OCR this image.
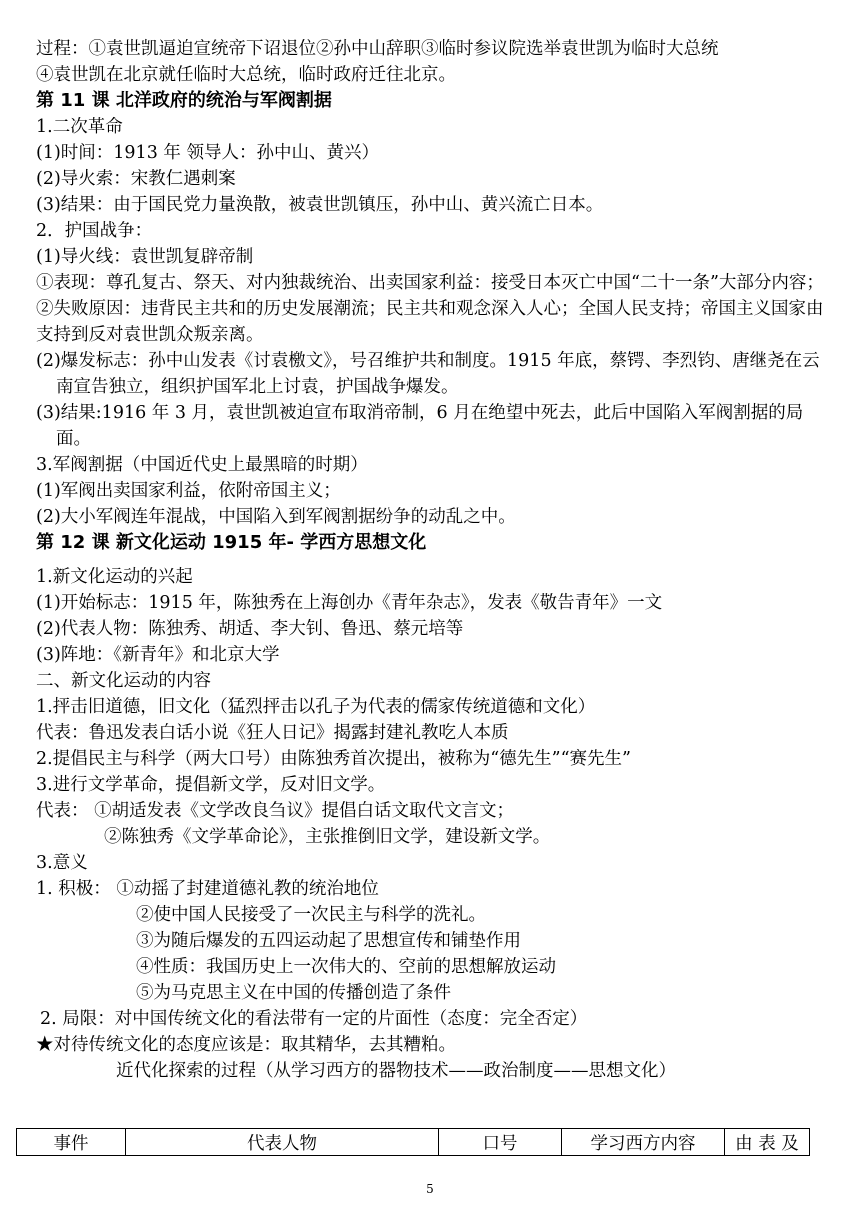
过程：①袁世凯逼迫宣统帝下诏退位②孙中山辞职③临时参议院选举袁世凯为临时大总统
④袁世凯在北京就任临时大总统，临时政府迁往北京。
第 11 课 北洋政府的统治与军阀割据
1.二次革命
(1)时间：1913 年 领导人：孙中山、黄兴）
(2)导火索：宋教仁遇刺案
(3)结果：由于国民党力量涣散，被袁世凯镇压，孙中山、黄兴流亡日本。
2．护国战争：
(1)导火线：袁世凯复辟帝制
①表现：尊孔复古、祭天、对内独裁统治、出卖国家利益：接受日本灭亡中国“二十一条”大部分内容；
②失败原因：违背民主共和的历史发展潮流；民主共和观念深入人心；全国人民支持；帝国主义国家由支持到反对袁世凯众叛亲离。
(2)爆发标志：孙中山发表《讨袁檄文》，号召维护共和制度。1915 年底，蔡锷、李烈钧、唐继尧在云南宣告独立，组织护国军北上讨袁，护国战争爆发。
(3)结果:1916 年 3 月，袁世凯被迫宣布取消帝制，6 月在绝望中死去，此后中国陷入军阀割据的局面。
3.军阀割据（中国近代史上最黑暗的时期）
(1)军阀出卖国家利益，依附帝国主义；
(2)大小军阀连年混战，中国陷入到军阀割据纷争的动乱之中。
第 12 课 新文化运动 1915 年- 学西方思想文化
1.新文化运动的兴起
(1)开始标志：1915 年，陈独秀在上海创办《青年杂志》，发表《敬告青年》一文
(2)代表人物：陈独秀、胡适、李大钊、鲁迅、蔡元培等
(3)阵地：《新青年》和北京大学
二、新文化运动的内容
1.抨击旧道德，旧文化（猛烈抨击以孔子为代表的儒家传统道德和文化）
代表：鲁迅发表白话小说《狂人日记》揭露封建礼教吃人本质
2.提倡民主与科学（两大口号）由陈独秀首次提出，被称为“德先生”“赛先生”
3.进行文学革命，提倡新文学，反对旧文学。
代表： ①胡适发表《文学改良刍议》提倡白话文取代文言文；
②陈独秀《文学革命论》，主张推倒旧文学，建设新文学。
3.意义
1. 积极： ①动摇了封建道德礼教的统治地位
②使中国人民接受了一次民主与科学的洗礼。
③为随后爆发的五四运动起了思想宣传和铺垫作用
④性质：我国历史上一次伟大的、空前的思想解放运动
⑤为马克思主义在中国的传播创造了条件
2. 局限：对中国传统文化的看法带有一定的片面性（态度：完全否定）
★对待传统文化的态度应该是：取其精华，去其糟粕。
近代化探索的过程（从学习西方的器物技术——政治制度——思想文化）
事件	代表人物	口号	学习西方内容	由 表 及
5
